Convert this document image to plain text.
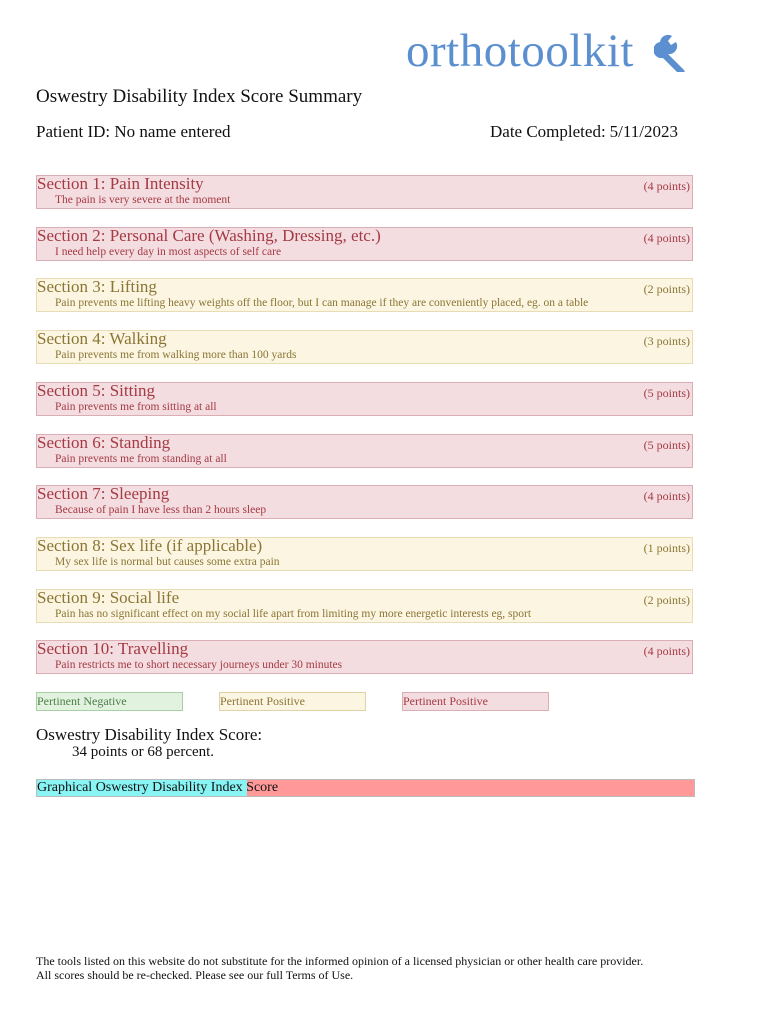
orthotoolkit
Oswestry Disability Index Score Summary
Patient ID: No name entered	Date Completed: 5/11/2023
Section 1: Pain Intensity	(4 points)
The pain is very severe at the moment
Section 2: Personal Care (Washing, Dressing, etc.)	(4 points)
I need help every day in most aspects of self care
Section 3: Lifting	(2 points)
Pain prevents me lifting heavy weights off the floor, but I can manage if they are conveniently placed, eg. on a table
Section 4: Walking	(3 points)
Pain prevents me from walking more than 100 yards
Section 5: Sitting	(5 points)
Pain prevents me from sitting at all
Section 6: Standing	(5 points)
Pain prevents me from standing at all
Section 7: Sleeping	(4 points)
Because of pain I have less than 2 hours sleep
Section 8: Sex life (if applicable)	(1 points)
My sex life is normal but causes some extra pain
Section 9: Social life	(2 points)
Pain has no significant effect on my social life apart from limiting my more energetic interests eg, sport
Section 10: Travelling	(4 points)
Pain restricts me to short necessary journeys under 30 minutes
Pertinent Negative	Pertinent Positive	Pertinent Positive
Oswestry Disability Index Score:
34 points or 68 percent.
Graphical Oswestry Disability Index Score
The tools listed on this website do not substitute for the informed opinion of a licensed physician or other health care provider.
All scores should be re-checked. Please see our full Terms of Use.
